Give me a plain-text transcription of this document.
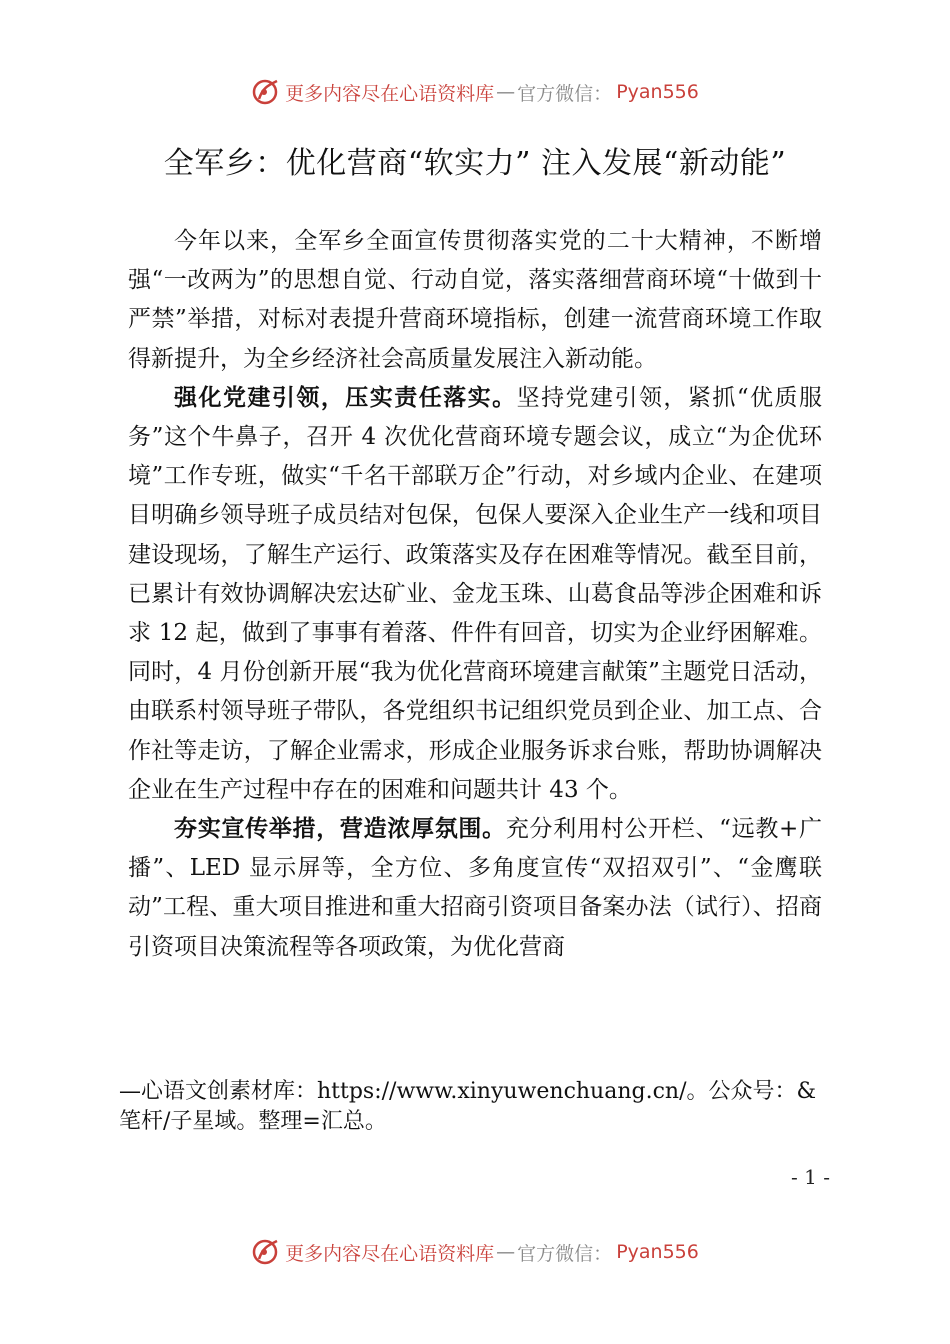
更多内容尽在心语资料库 — 官方微信： Pyan556
全军乡：优化营商“软实力” 注入发展“新动能”

今年以来，全军乡全面宣传贯彻落实党的二十大精神，不断增强“一改两为”的思想自觉、行动自觉，落实落细营商环境“十做到十严禁”举措，对标对表提升营商环境指标，创建一流营商环境工作取得新提升，为全乡经济社会高质量发展注入新动能。

强化党建引领，压实责任落实。坚持党建引领，紧抓“优质服务”这个牛鼻子，召开 4 次优化营商环境专题会议，成立“为企优环境”工作专班，做实“千名干部联万企”行动，对乡域内企业、在建项目明确乡领导班子成员结对包保，包保人要深入企业生产一线和项目建设现场，了解生产运行、政策落实及存在困难等情况。截至目前，已累计有效协调解决宏达矿业、金龙玉珠、山葛食品等涉企困难和诉求 12 起，做到了事事有着落、件件有回音，切实为企业纾困解难。同时，4 月份创新开展“我为优化营商环境建言献策”主题党日活动，由联系村领导班子带队，各党组织书记组织党员到企业、加工点、合作社等走访，了解企业需求，形成企业服务诉求台账，帮助协调解决企业在生产过程中存在的困难和问题共计 43 个。

夯实宣传举措，营造浓厚氛围。充分利用村公开栏、“远教+广播”、LED 显示屏等，全方位、多角度宣传“双招双引”、“金鹰联动”工程、重大项目推进和重大招商引资项目备案办法（试行）、招商引资项目决策流程等各项政策，为优化营商

—心语文创素材库：https://www.xinyuwenchuang.cn/。公众号：&笔杆/子星域。整理=汇总。
- 1 -
更多内容尽在心语资料库 — 官方微信： Pyan556
